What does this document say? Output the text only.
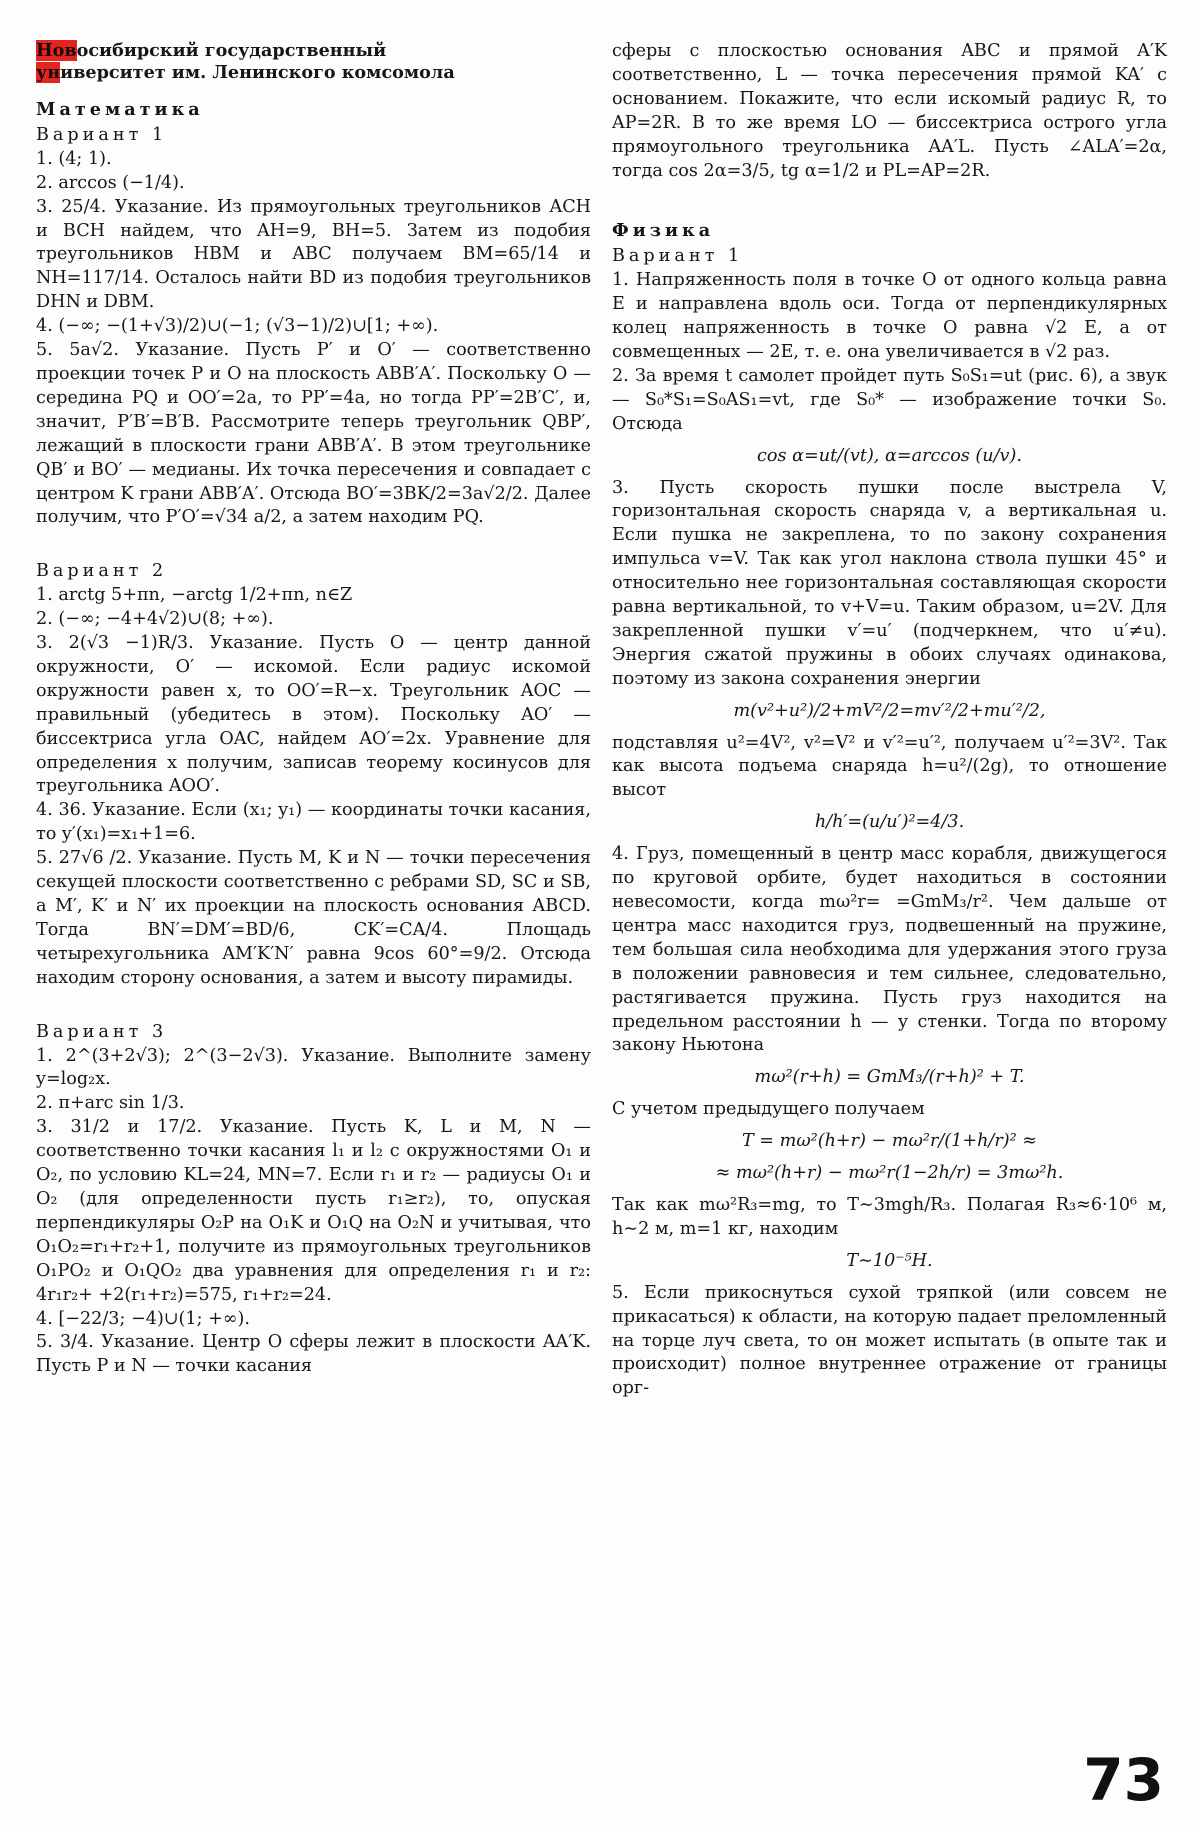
Новосибирский государственный
университет им. Ленинского комсомола

Математика

Вариант 1

1. (4; 1).

2. arccos (−1/4).

3. 25/4. Указание. Из прямоугольных треугольников ACH и BCH найдем, что AH=9, BH=5. Затем из подобия треугольников HBM и ABC получаем BM=65/14 и NH=117/14. Осталось найти BD из подобия треугольников DHN и DBM.

4. (−∞; −(1+√3)/2)∪(−1; (√3−1)/2)∪[1; +∞).

5. 5a√2. Указание. Пусть P′ и O′ — соответственно проекции точек P и O на плоскость ABB′A′. Поскольку O — середина PQ и OO′=2a, то PP′=4a, но тогда PP′=2B′C′, и, значит, P′B′=B′B. Рассмотрите теперь треугольник QBP′, лежащий в плоскости грани ABB′A′. В этом треугольнике QB′ и BO′ — медианы. Их точка пересечения и совпадает с центром K грани ABB′A′. Отсюда BO′=3BK/2=3a√2/2. Далее получим, что P′O′=√34 a/2, а затем находим PQ.

Вариант 2

1. arctg 5+πn, −arctg 1/2+πn, n∈Z

2. (−∞; −4+4√2)∪(8; +∞).

3. 2(√3 −1)R/3. Указание. Пусть O — центр данной окружности, O′ — искомой. Если радиус искомой окружности равен x, то OO′=R−x. Треугольник AOC — правильный (убедитесь в этом). Поскольку AO′ — биссектриса угла OAC, найдем AO′=2x. Уравнение для определения x получим, записав теорему косинусов для треугольника AOO′.

4. 36. Указание. Если (x₁; y₁) — координаты точки касания, то y′(x₁)=x₁+1=6.

5. 27√6 /2. Указание. Пусть M, K и N — точки пересечения секущей плоскости соответственно с ребрами SD, SC и SB, а M′, K′ и N′ их проекции на плоскость основания ABCD. Тогда BN′=DM′=BD/6, CK′=CA/4. Площадь четырехугольника AM′K′N′ равна 9cos 60°=9/2. Отсюда находим сторону основания, а затем и высоту пирамиды.

Вариант 3

1. 2^(3+2√3); 2^(3−2√3). Указание. Выполните замену y=log₂x.

2. π+arc sin 1/3.

3. 31/2 и 17/2. Указание. Пусть K, L и M, N — соответственно точки касания l₁ и l₂ с окружностями O₁ и O₂, по условию KL=24, MN=7. Если r₁ и r₂ — радиусы O₁ и O₂ (для определенности пусть r₁≥r₂), то, опуская перпендикуляры O₂P на O₁K и O₁Q на O₂N и учитывая, что O₁O₂=r₁+r₂+1, получите из прямоугольных треугольников O₁PO₂ и O₁QO₂ два уравнения для определения r₁ и r₂: 4r₁r₂+ +2(r₁+r₂)=575, r₁+r₂=24.

4. [−22/3; −4)∪(1; +∞).

5. 3/4. Указание. Центр O сферы лежит в плоскости AA′K. Пусть P и N — точки касания

сферы с плоскостью основания ABC и прямой A′K соответственно, L — точка пересечения прямой KA′ с основанием. Покажите, что если искомый радиус R, то AP=2R. В то же время LO — биссектриса острого угла прямоугольного треугольника AA′L. Пусть ∠ALA′=2α, тогда cos 2α=3/5, tg α=1/2 и PL=AP=2R.

Физика

Вариант 1

1. Напряженность поля в точке O от одного кольца равна E и направлена вдоль оси. Тогда от перпендикулярных колец напряженность в точке O равна √2 E, а от совмещенных — 2E, т. е. она увеличивается в √2 раз.

2. За время t самолет пройдет путь S₀S₁=ut (рис. 6), а звук — S₀*S₁=S₀AS₁=vt, где S₀* — изображение точки S₀. Отсюда

cos α=ut/(vt), α=arccos (u/v).

3. Пусть скорость пушки после выстрела V, горизонтальная скорость снаряда v, а вертикальная u. Если пушка не закреплена, то по закону сохранения импульса v=V. Так как угол наклона ствола пушки 45° и относительно нее горизонтальная составляющая скорости равна вертикальной, то v+V=u. Таким образом, u=2V. Для закрепленной пушки v′=u′ (подчеркнем, что u′≠u). Энергия сжатой пружины в обоих случаях одинакова, поэтому из закона сохранения энергии

m(v²+u²)/2+mV²/2=mv′²/2+mu′²/2,

подставляя u²=4V², v²=V² и v′²=u′², получаем u′²=3V². Так как высота подъема снаряда h=u²/(2g), то отношение высот

h/h′=(u/u′)²=4/3.

4. Груз, помещенный в центр масс корабля, движущегося по круговой орбите, будет находиться в состоянии невесомости, когда mω²r= =GmM₃/r². Чем дальше от центра масс находится груз, подвешенный на пружине, тем большая сила необходима для удержания этого груза в положении равновесия и тем сильнее, следовательно, растягивается пружина. Пусть груз находится на предельном расстоянии h — у стенки. Тогда по второму закону Ньютона

mω²(r+h) = GmM₃/(r+h)² + T.

С учетом предыдущего получаем

T = mω²(h+r) − mω²r/(1+h/r)² ≈

≈ mω²(h+r) − mω²r(1−2h/r) = 3mω²h.

Так как mω²R₃=mg, то T∼3mgh/R₃. Полагая R₃≈6·10⁶ м, h∼2 м, m=1 кг, находим

T∼10⁻⁵Н.

5. Если прикоснуться сухой тряпкой (или совсем не прикасаться) к области, на которую падает преломленный на торце луч света, то он может испытать (в опыте так и происходит) полное внутреннее отражение от границы орг-

73
